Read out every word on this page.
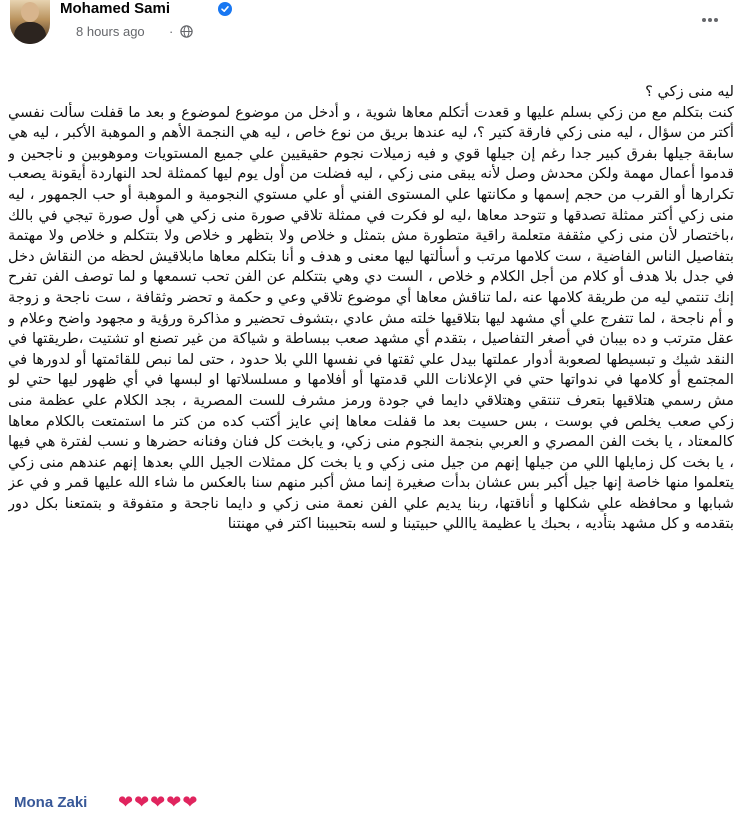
Mohamed Sami
8 hours ago ·

ليه منى زكي ؟
كنت بتكلم مع من زكي بسلم عليها و قعدت أتكلم معاها شوية ، و أدخل من موضوع لموضوع و بعد ما قفلت سألت نفسي أكتر من سؤال ، ليه منى زكي فارقة كتير ؟، ليه عندها بريق من نوع خاص ، ليه هي النجمة الأهم و الموهبة الأكبر ، ليه هي سابقة جيلها بفرق كبير جدا رغم إن جيلها قوي و فيه زميلات نجوم حقيقيين علي جميع المستويات وموهوبين و ناجحين و قدموا أعمال مهمة ولكن محدش وصل لأنه يبقى منى زكي ، ليه فضلت من أول يوم ليها كممثلة لحد النهاردة أيقونة يصعب تكرارها أو القرب من حجم إسمها و مكانتها علي المستوى الفني أو علي مستوي النجومية و الموهبة أو حب الجمهور ، ليه منى زكي أكتر ممثلة تصدقها و تتوحد معاها ،ليه لو فكرت في ممثلة تلاقي صورة منى زكي هي أول صورة تيجي في بالك ،باختصار لأن منى زكي مثقفة متعلمة راقية متطورة مش بتمثل و خلاص ولا بتظهر و خلاص ولا بتتكلم و خلاص ولا مهتمة بتفاصيل الناس الفاضية ، ست كلامها مرتب و أسألتها ليها معنى و هدف و أنا بتكلم معاها مابلاقيش لحظه من النقاش دخل في جدل بلا هدف أو كلام من أجل الكلام و خلاص ، الست دي وهي بتتكلم عن الفن تحب تسمعها و لما توصف الفن تفرح إنك تنتمي ليه من طريقة كلامها عنه ،لما تناقش معاها أي موضوع تلاقي وعي و حكمة و تحضر وثقافة ، ست ناجحة و زوجة و أم ناجحة ، لما تتفرج علي أي مشهد ليها بتلاقيها خلته مش عادي ،بتشوف تحضير و مذاكرة ورؤية و مجهود واضح وعلام و عقل مترتب و ده بيبان في أصغر التفاصيل ، بتقدم أي مشهد صعب ببساطة و شياكة من غير تصنع او تشتيت ،طريقتها في النقد شيك و تبسيطها لصعوبة أدوار عملتها بيدل علي ثقتها في نفسها اللي بلا حدود ، حتى لما نبص للقائمتها أو لدورها في المجتمع أو كلامها في ندواتها حتي في الإعلانات اللي قدمتها أو أفلامها و مسلسلاتها او لبسها في أي ظهور ليها حتي لو مش رسمي هتلاقيها بتعرف تنتقي وهتلاقي دايما في جودة ورمز مشرف للست المصرية ، بجد الكلام علي عظمة منى زكي صعب يخلص في بوست ، بس حسيت بعد ما قفلت معاها إني عايز أكتب كده من كتر ما استمتعت بالكلام معاها كالمعتاد ، يا بخت الفن المصري و العربي بنجمة النجوم منى زكي، و يابخت كل فنان وفنانه حضرها و نسب لفترة هي فيها ، يا بخت كل زمايلها اللي من جيلها إنهم من جيل منى زكي و يا بخت كل ممثلات الجيل اللي بعدها إنهم عندهم منى زكي يتعلموا منها خاصة إنها جيل أكبر بس عشان بدأت صغيرة إنما مش أكبر منهم سنا بالعكس ما شاء الله عليها قمر و في عز شبابها و محافظه علي شكلها و أناقتها، ربنا يديم علي الفن نعمة منى زكي و دايما ناجحة و متفوقة و بتمتعنا بكل دور بتقدمه و كل مشهد بتأديه ، بحبك يا عظيمة يااللي حبيتينا و لسه بتحبيبنا اكتر في مهنتنا

Mona Zaki ❤❤❤❤❤
